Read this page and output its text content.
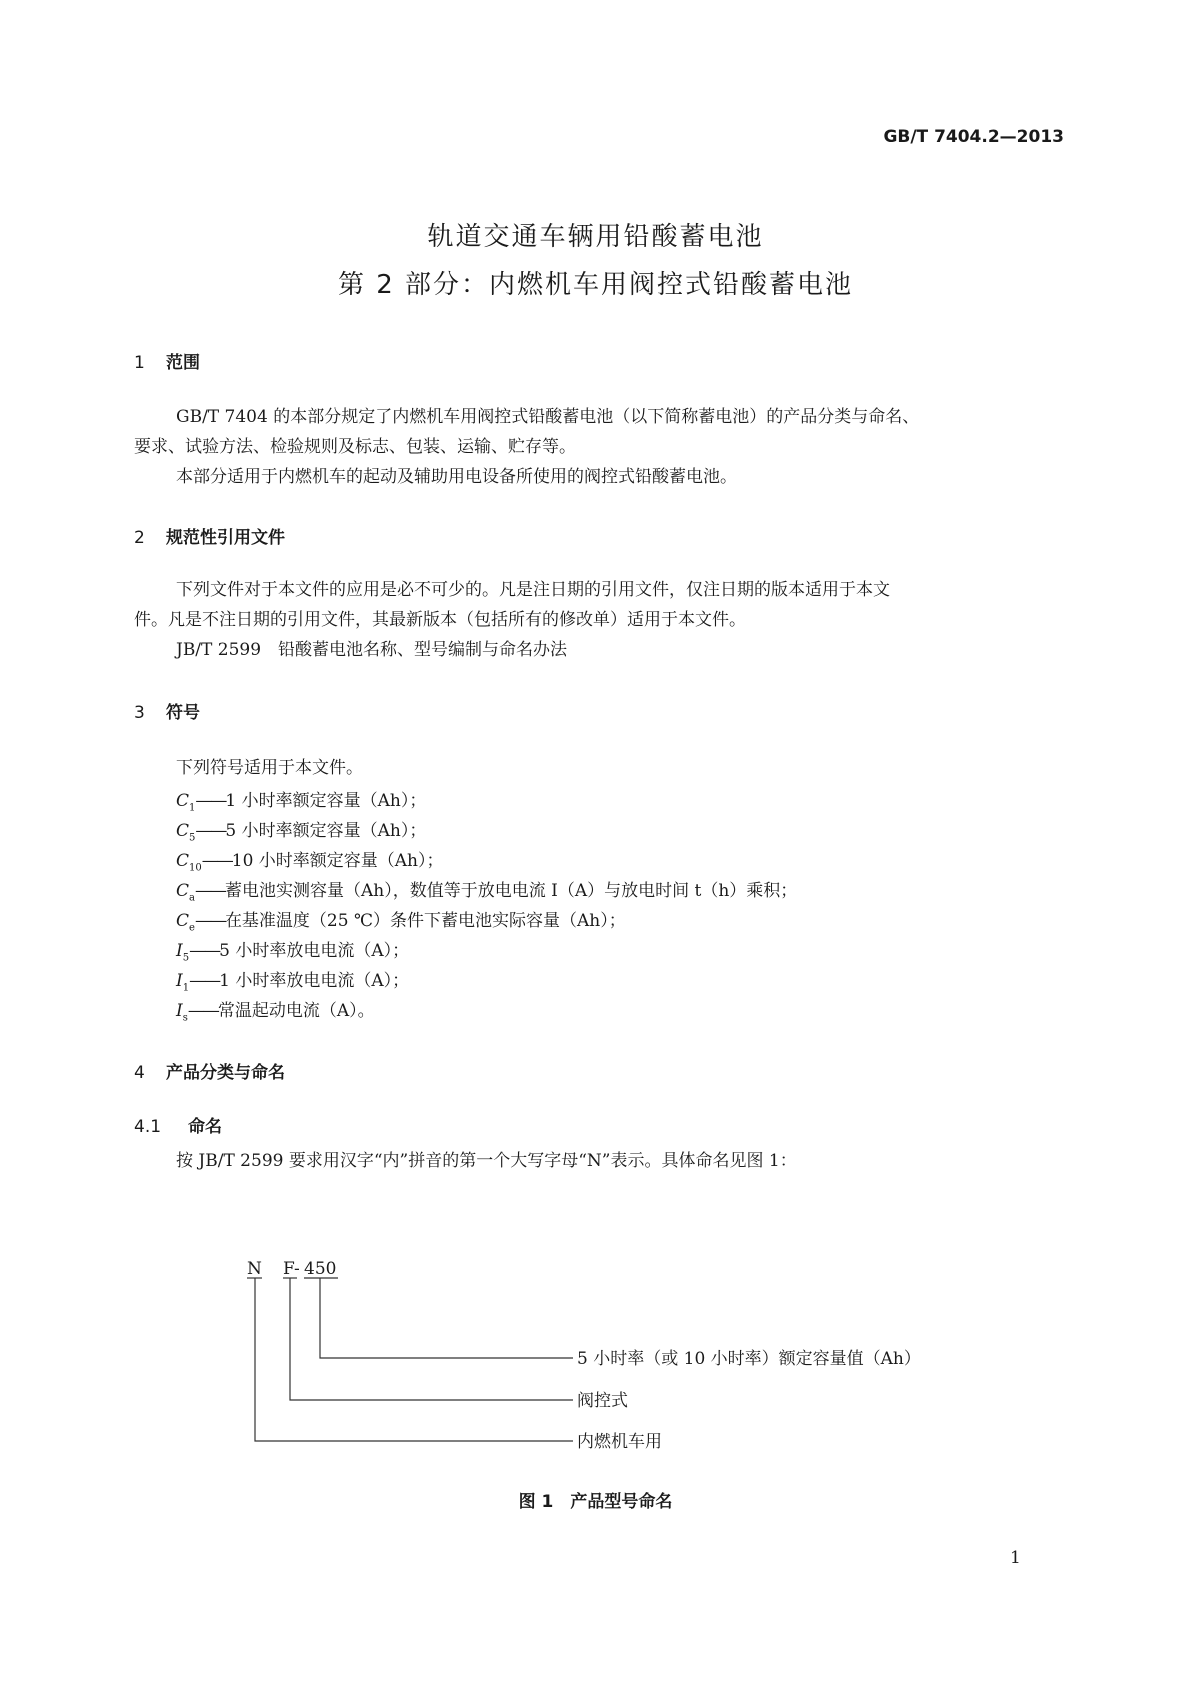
GB/T 7404.2—2013
轨道交通车辆用铅酸蓄电池
第 2 部分：内燃机车用阀控式铅酸蓄电池
1 范围
GB/T 7404 的本部分规定了内燃机车用阀控式铅酸蓄电池（以下简称蓄电池）的产品分类与命名、
要求、试验方法、检验规则及标志、包装、运输、贮存等。
本部分适用于内燃机车的起动及辅助用电设备所使用的阀控式铅酸蓄电池。
2 规范性引用文件
下列文件对于本文件的应用是必不可少的。凡是注日期的引用文件，仅注日期的版本适用于本文
件。凡是不注日期的引用文件，其最新版本（包括所有的修改单）适用于本文件。
JB/T 2599　铅酸蓄电池名称、型号编制与命名办法
3 符号
下列符号适用于本文件。
$C_1——1$ 小时率额定容量（Ah）；
$C_5——5$ 小时率额定容量（Ah）；
$C_{10}——10$ 小时率额定容量（Ah）；
$C_a——$蓄电池实测容量（Ah），数值等于放电电流 I（A）与放电时间 t（h）乘积；
$C_e——$在基准温度（25 ℃）条件下蓄电池实际容量（Ah）；
$I_5——5$ 小时率放电电流（A）；
$I_1——1$ 小时率放电电流（A）；
$I_s——$常温起动电流（A）。
4 产品分类与命名
4.1 命名
按 JB/T 2599 要求用汉字“内”拼音的第一个大写字母“N”表示。具体命名见图 1：
N F- 450
5 小时率（或 10 小时率）额定容量值（Ah）
阀控式
内燃机车用
图 1　产品型号命名
1
